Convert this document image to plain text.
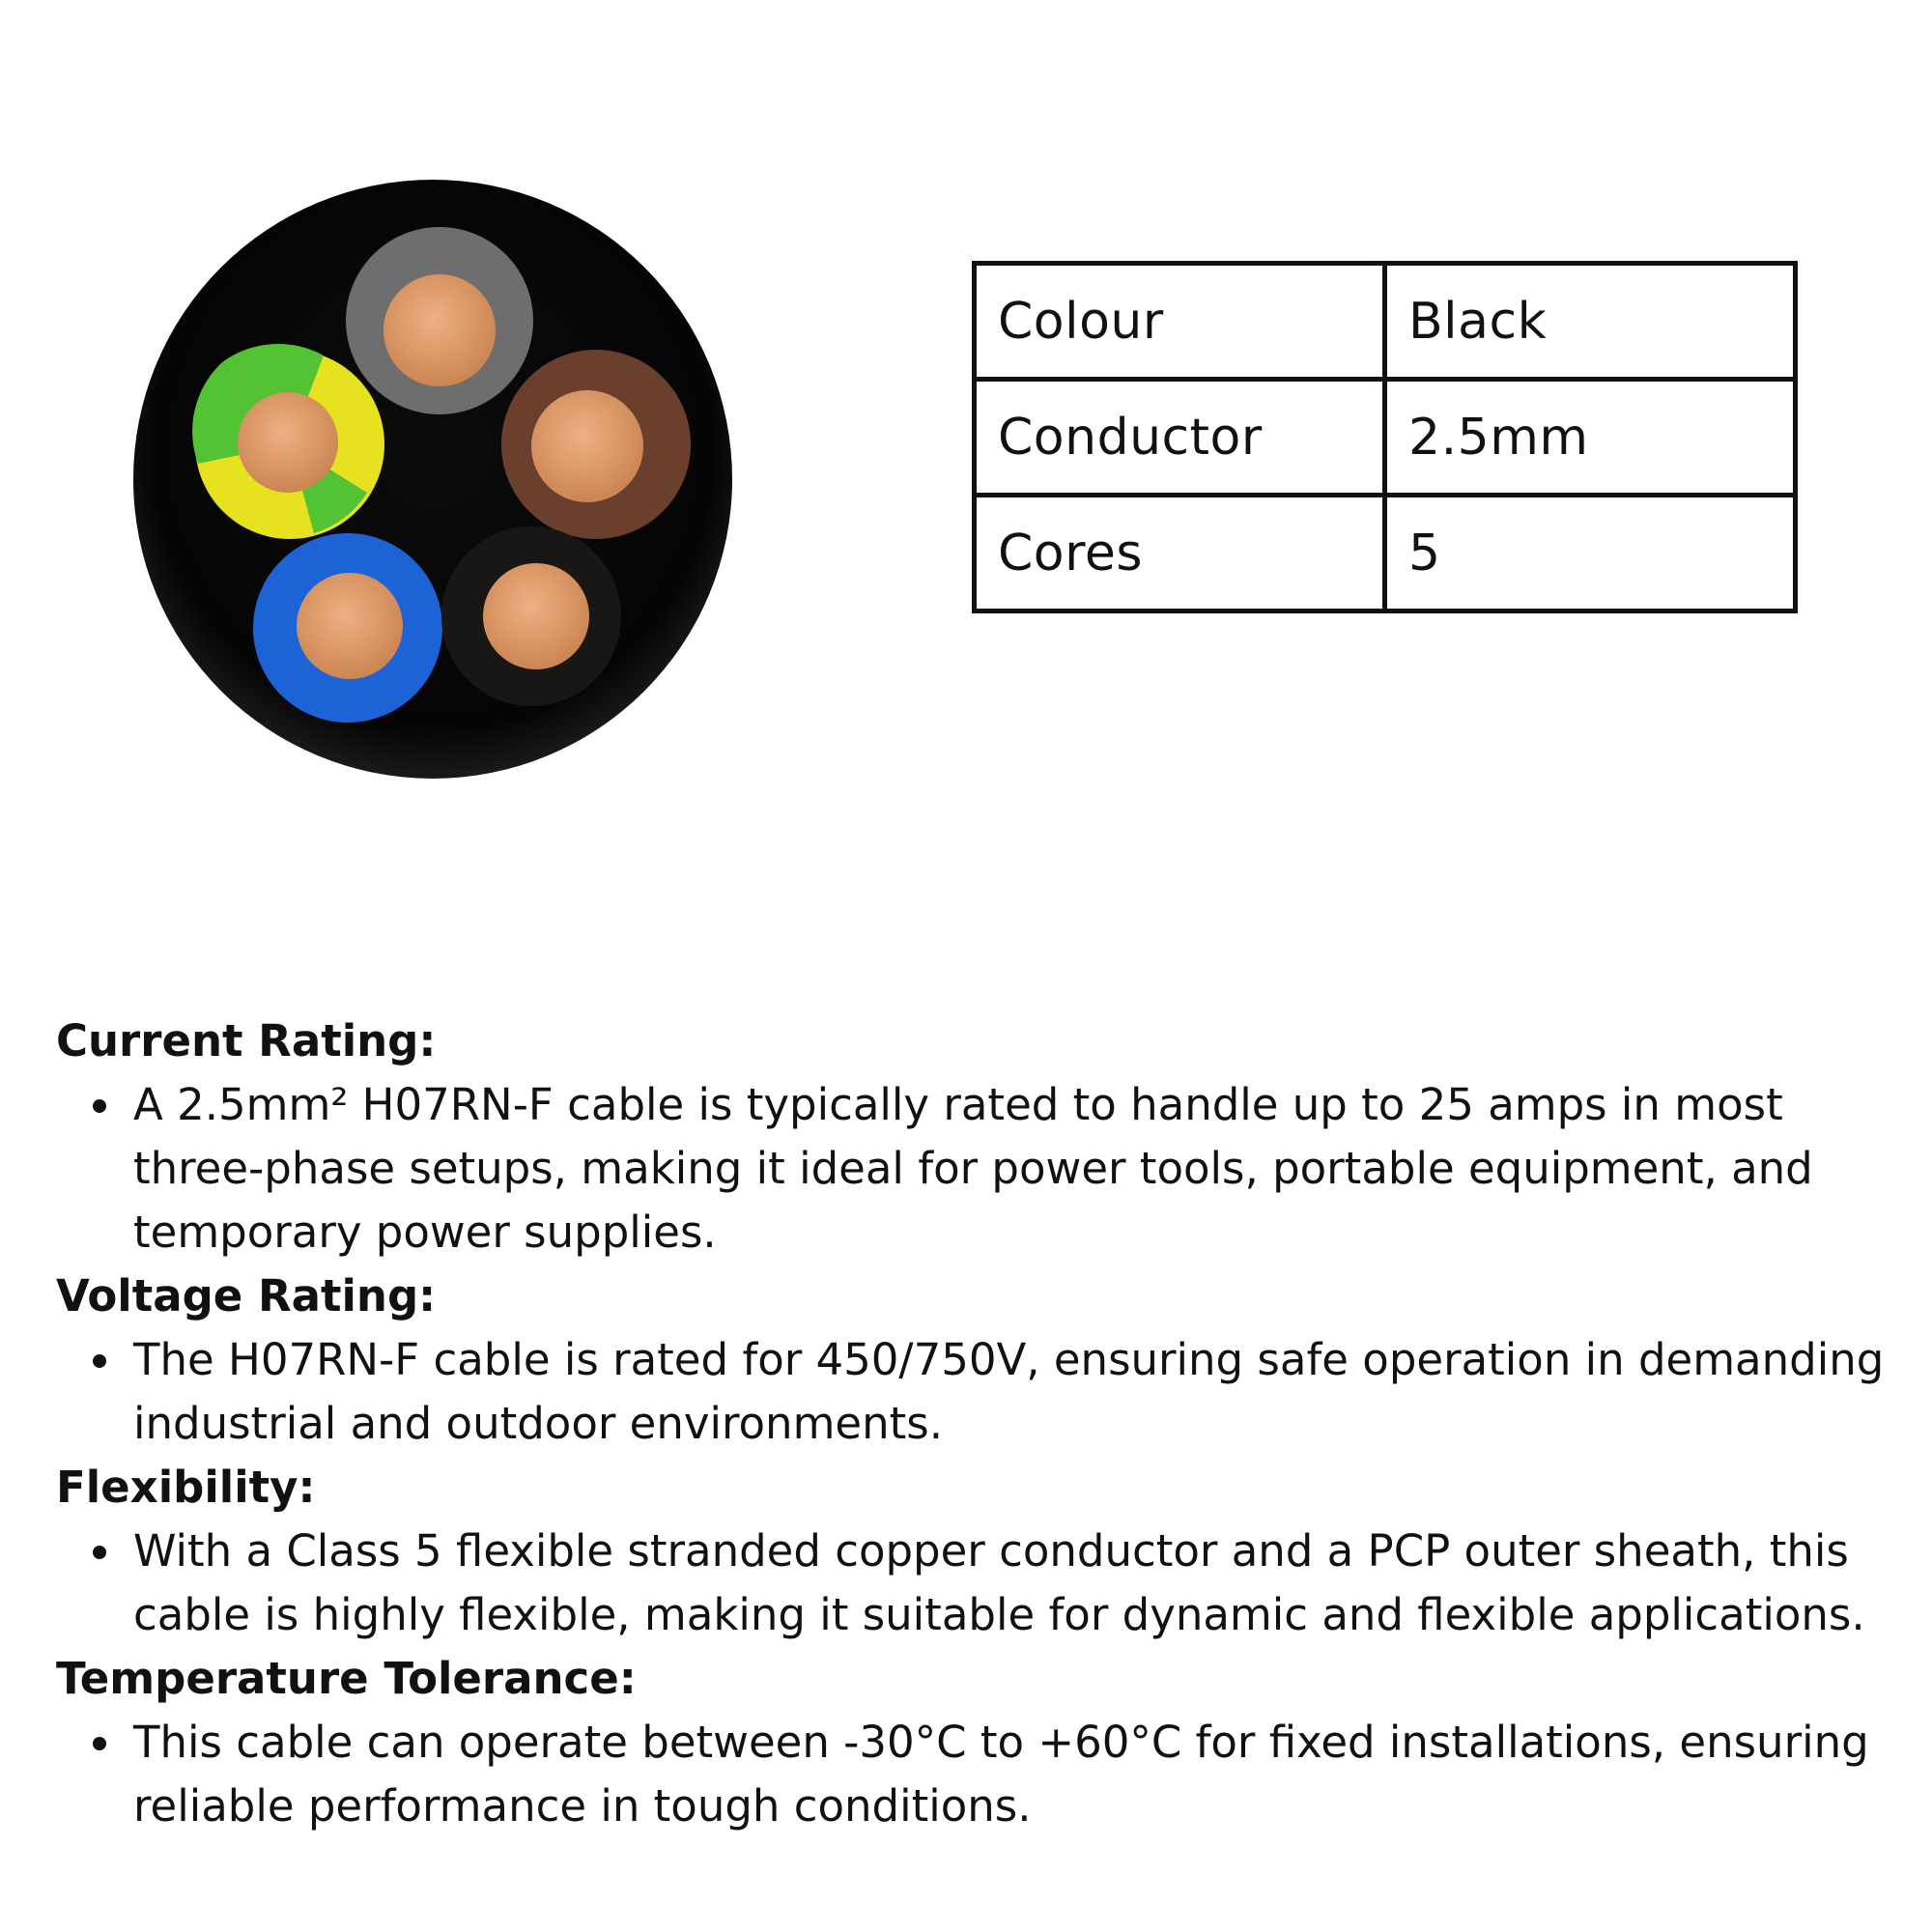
Colour	Black
Conductor	2.5mm
Cores	5

Current Rating:

A 2.5mm² H07RN-F cable is typically rated to handle up to 25 amps in most three-phase setups, making it ideal for power tools, portable equipment, and temporary power supplies.

Voltage Rating:

The H07RN-F cable is rated for 450/750V, ensuring safe operation in demanding industrial and outdoor environments.

Flexibility:

With a Class 5 flexible stranded copper conductor and a PCP outer sheath, this cable is highly flexible, making it suitable for dynamic and flexible applications.

Temperature Tolerance:

This cable can operate between -30°C to +60°C for fixed installations, ensuring reliable performance in tough conditions.
